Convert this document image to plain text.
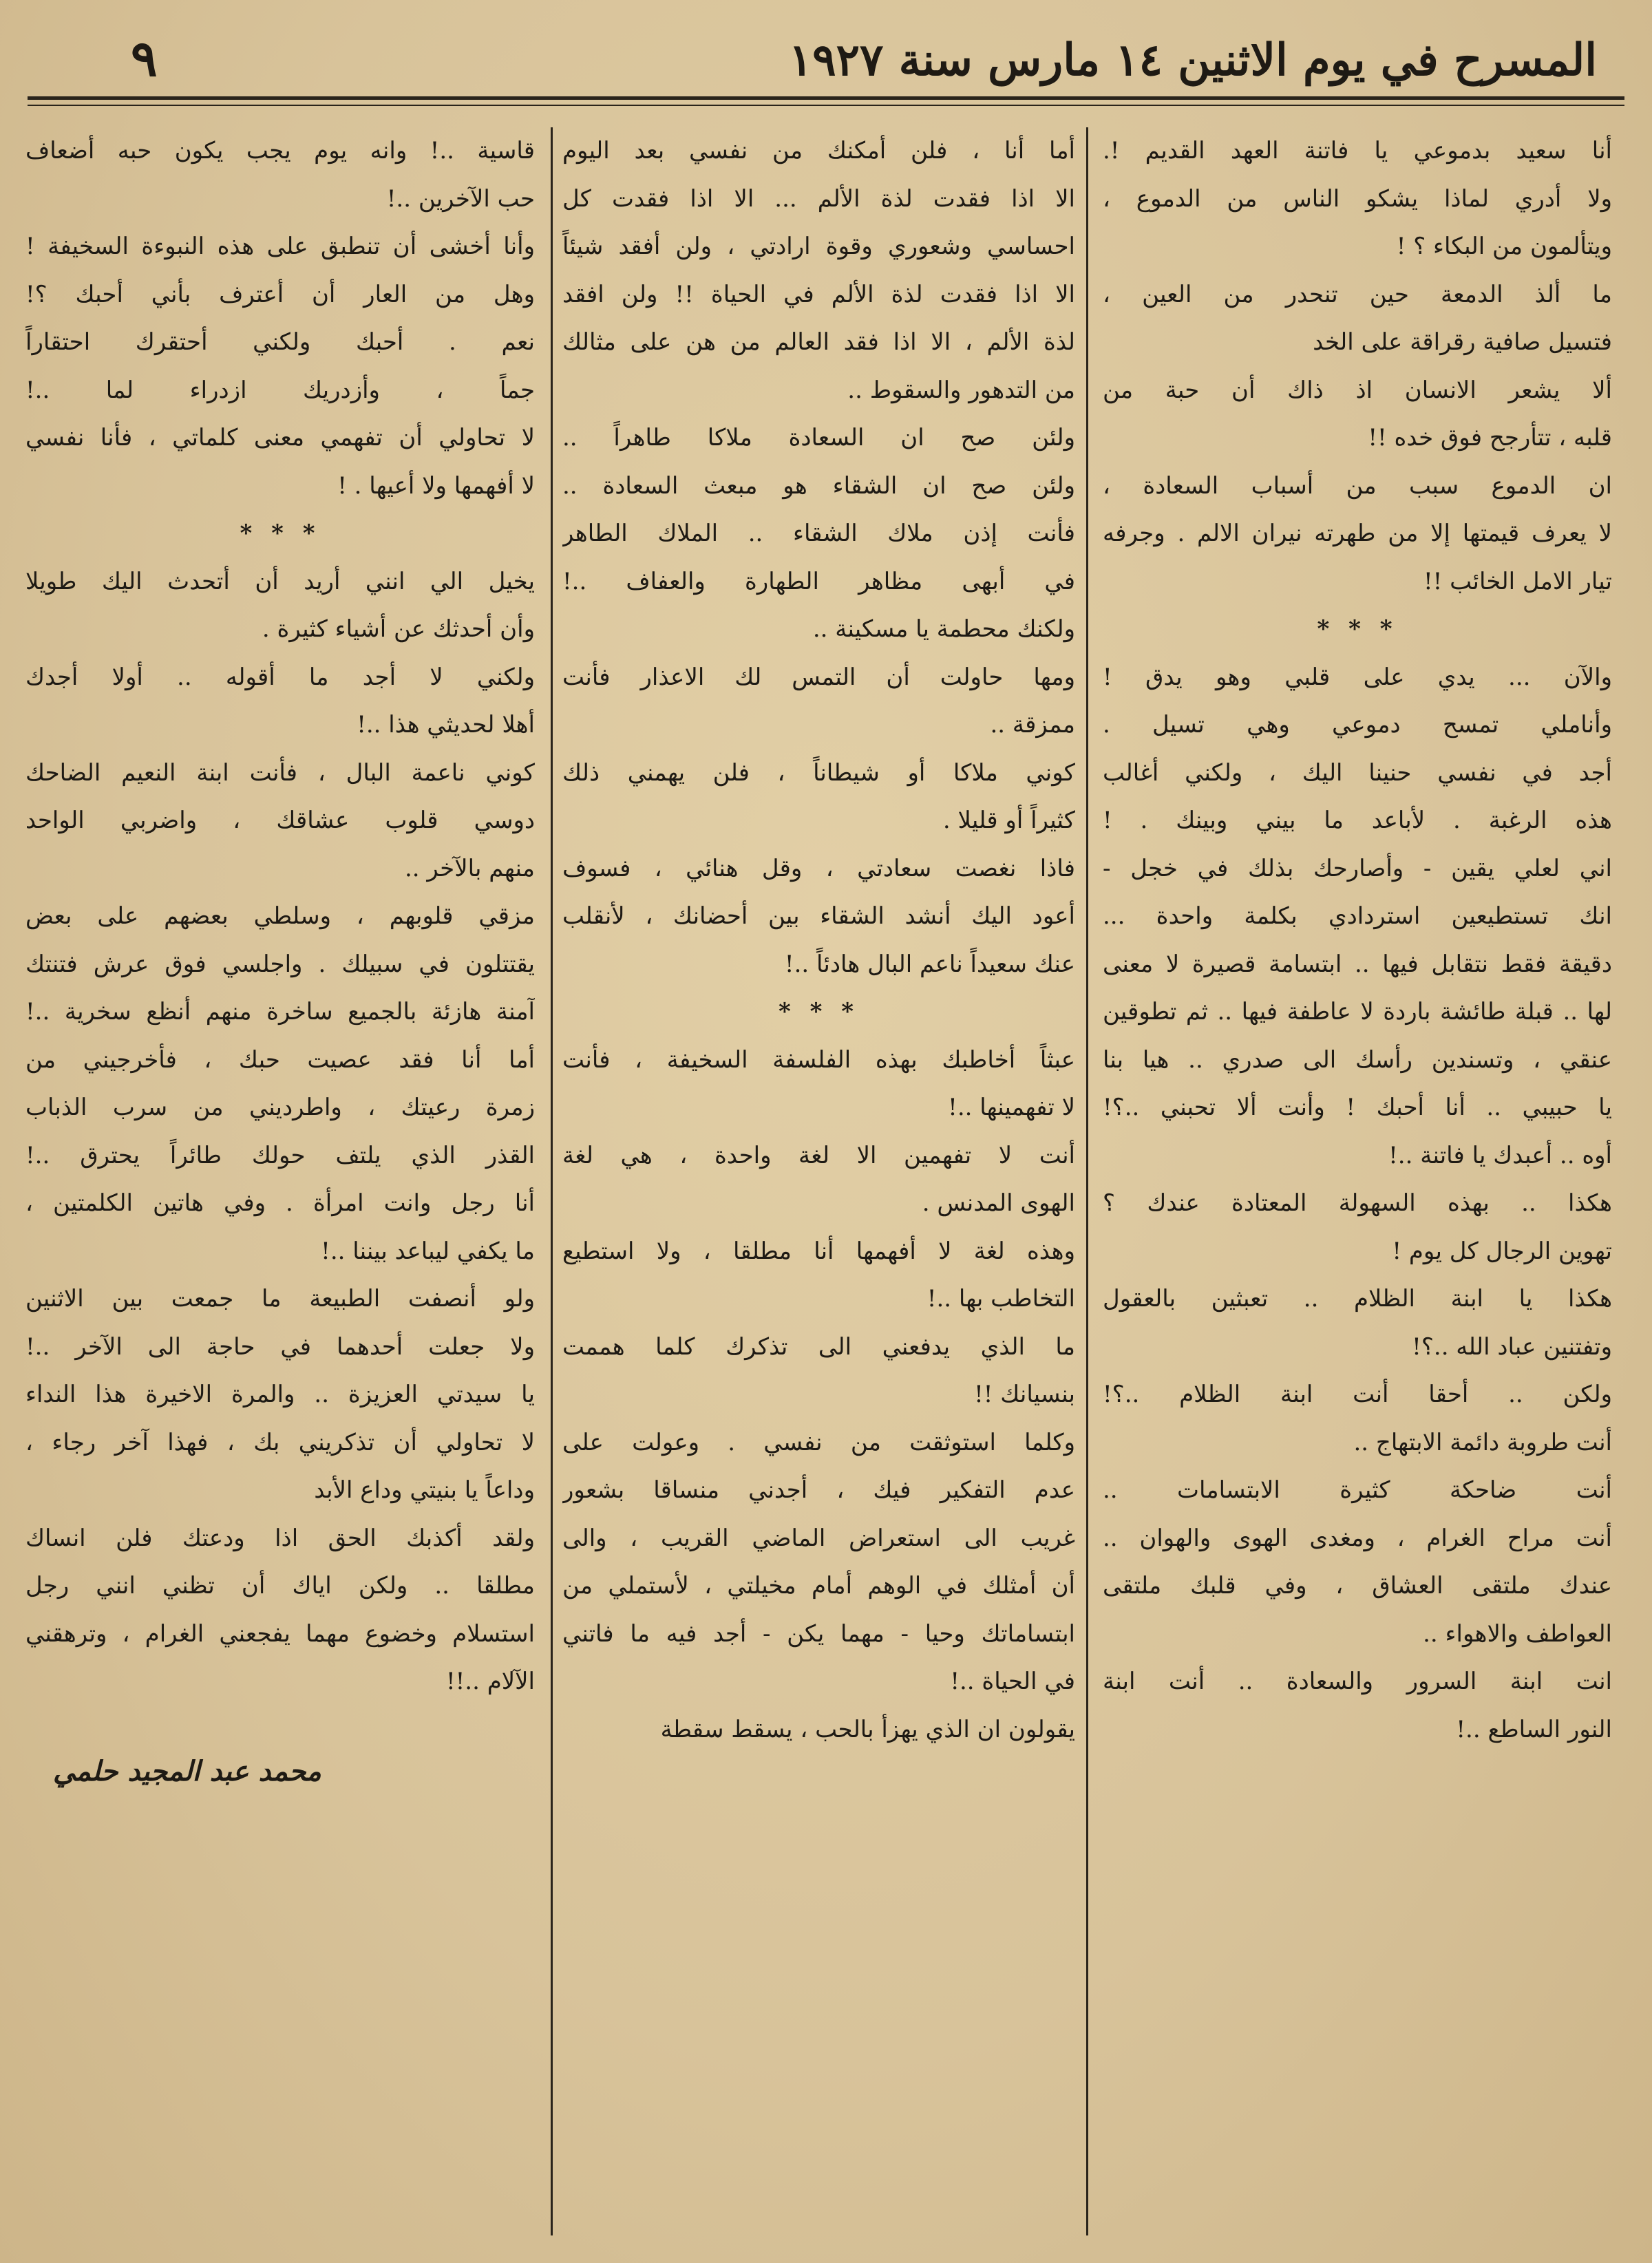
المسرح في يوم الاثنين ١٤ مارس سنة ١٩٢٧
٩
أنا سعيد بدموعي يا فاتنة العهد القديم !.
ولا أدري لماذا يشكو الناس من الدموع ،
ويتألمون من البكاء ؟ !
ما ألذ الدمعة حين تنحدر من العين ،
فتسيل صافية رقراقة على الخد
ألا يشعر الانسان اذ ذاك أن حبة من
قلبه ، تتأرجح فوق خده !!
ان الدموع سبب من أسباب السعادة ،
لا يعرف قيمتها إلا من طهرته نيران الالم . وجرفه
تيار الامل الخائب !!
* * *
والآن ... يدي على قلبي وهو يدق !
وأناملي تمسح دموعي وهي تسيل .
أجد في نفسي حنينا اليك ، ولكني أغالب
هذه الرغبة . لأباعد ما بيني وبينك . !
اني لعلي يقين - وأصارحك بذلك في خجل -
انك تستطيعين استردادي بكلمة واحدة ...
دقيقة فقط نتقابل فيها .. ابتسامة قصيرة لا معنى
لها .. قبلة طائشة باردة لا عاطفة فيها .. ثم تطوقين
عنقي ، وتسندين رأسك الى صدري .. هيا بنا
يا حبيبي .. أنا أحبك ! وأنت ألا تحبني ..؟!
أوه .. أعبدك يا فاتنة ..!
هكذا .. بهذه السهولة المعتادة عندك ؟
تهوين الرجال كل يوم !
هكذا يا ابنة الظلام .. تعبثين بالعقول
وتفتنين عباد الله ..؟!
ولكن .. أحقا أنت ابنة الظلام ..؟!
أنت طروبة دائمة الابتهاج ..
أنت ضاحكة كثيرة الابتسامات ..
أنت مراح الغرام ، ومغدى الهوى والهوان ..
عندك ملتقى العشاق ، وفي قلبك ملتقى
العواطف والاهواء ..
انت ابنة السرور والسعادة .. أنت ابنة
النور الساطع ..!
أما أنا ، فلن أمكنك من نفسي بعد اليوم
الا اذا فقدت لذة الألم ... الا اذا فقدت كل
احساسي وشعوري وقوة ارادتي ، ولن أفقد شيئاً
الا اذا فقدت لذة الألم في الحياة !! ولن افقد
لذة الألم ، الا اذا فقد العالم من هن على مثالك
من التدهور والسقوط ..
ولئن صح ان السعادة ملاكا طاهراً ..
ولئن صح ان الشقاء هو مبعث السعادة ..
فأنت إذن ملاك الشقاء .. الملاك الطاهر
في أبهى مظاهر الطهارة والعفاف ..!
ولكنك محطمة يا مسكينة ..
ومها حاولت أن التمس لك الاعذار فأنت
ممزقة ..
كوني ملاكا أو شيطاناً ، فلن يهمني ذلك
كثيراً أو قليلا .
فاذا نغصت سعادتي ، وقل هنائي ، فسوف
أعود اليك أنشد الشقاء بين أحضانك ، لأنقلب
عنك سعيداً ناعم البال هادئاً ..!
* * *
عبثاً أخاطبك بهذه الفلسفة السخيفة ، فأنت
لا تفهمينها ..!
أنت لا تفهمين الا لغة واحدة ، هي لغة
الهوى المدنس .
وهذه لغة لا أفهمها أنا مطلقا ، ولا استطيع
التخاطب بها ..!
ما الذي يدفعني الى تذكرك كلما هممت
بنسيانك !!
وكلما استوثقت من نفسي . وعولت على
عدم التفكير فيك ، أجدني منساقا بشعور
غريب الى استعراض الماضي القريب ، والى
أن أمثلك في الوهم أمام مخيلتي ، لأستملي من
ابتساماتك وحيا - مهما يكن - أجد فيه ما فاتني
في الحياة ..!
يقولون ان الذي يهزأ بالحب ، يسقط سقطة
قاسية ..! وانه يوم يجب يكون حبه أضعاف
حب الآخرين ..!
وأنا أخشى أن تنطبق على هذه النبوءة السخيفة !
وهل من العار أن أعترف بأني أحبك ؟!
نعم . أحبك ولكني أحتقرك احتقاراً
جماً ، وأزدريك ازدراء لما ..!
لا تحاولي أن تفهمي معنى كلماتي ، فأنا نفسي
لا أفهمها ولا أعيها . !
* * *
يخيل الي انني أريد أن أتحدث اليك طويلا
وأن أحدثك عن أشياء كثيرة .
ولكني لا أجد ما أقوله .. أولا أجدك
أهلا لحديثي هذا ..!
كوني ناعمة البال ، فأنت ابنة النعيم الضاحك
دوسي قلوب عشاقك ، واضربي الواحد
منهم بالآخر ..
مزقي قلوبهم ، وسلطي بعضهم على بعض
يقتتلون في سبيلك . واجلسي فوق عرش فتنتك
آمنة هازئة بالجميع ساخرة منهم أنظع سخرية ..!
أما أنا فقد عصيت حبك ، فأخرجيني من
زمرة رعيتك ، واطرديني من سرب الذباب
القذر الذي يلتف حولك طائراً يحترق ..!
أنا رجل وانت امرأة . وفي هاتين الكلمتين ،
ما يكفي ليباعد بيننا ..!
ولو أنصفت الطبيعة ما جمعت بين الاثنين
ولا جعلت أحدهما في حاجة الى الآخر ..!
يا سيدتي العزيزة .. والمرة الاخيرة هذا النداء
لا تحاولي أن تذكريني بك ، فهذا آخر رجاء ،
وداعاً يا بنيتي وداع الأبد
ولقد أكذبك الحق اذا ودعتك فلن انساك
مطلقا .. ولكن اياك أن تظني انني رجل
استسلام وخضوع مهما يفجعني الغرام ، وترهقني
الآلام ..!!
محمد عبد المجيد حلمي
